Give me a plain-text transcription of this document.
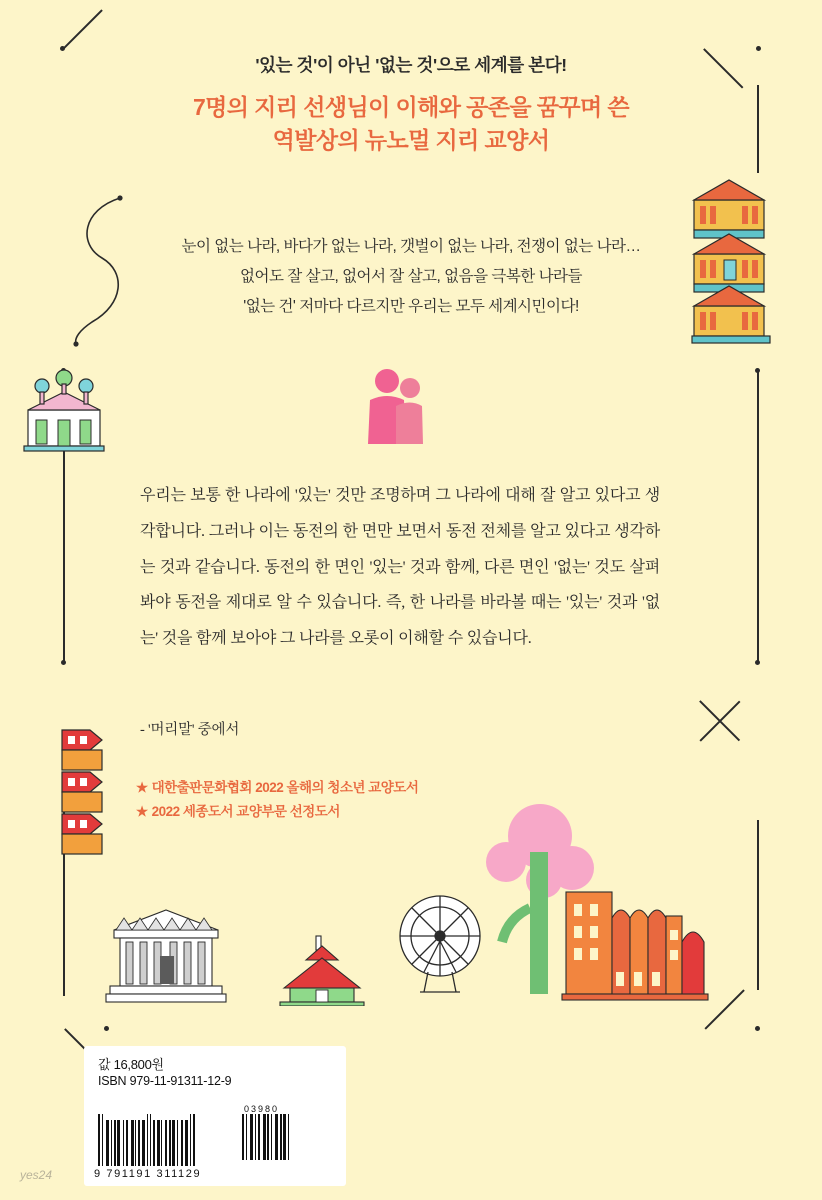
'있는 것'이 아닌 '없는 것'으로 세계를 본다!
7명의 지리 선생님이 이해와 공존을 꿈꾸며 쓴
역발상의 뉴노멀 지리 교양서
눈이 없는 나라, 바다가 없는 나라, 갯벌이 없는 나라, 전쟁이 없는 나라…
없어도 잘 살고, 없어서 잘 살고, 없음을 극복한 나라들
'없는 건' 저마다 다르지만 우리는 모두 세계시민이다!
우리는 보통 한 나라에 '있는' 것만 조명하며 그 나라에 대해 잘 알고 있다고 생각합니다. 그러나 이는 동전의 한 면만 보면서 동전 전체를 알고 있다고 생각하는 것과 같습니다. 동전의 한 면인 '있는' 것과 함께, 다른 면인 '없는' 것도 살펴봐야 동전을 제대로 알 수 있습니다. 즉, 한 나라를 바라볼 때는 '있는' 것과 '없는' 것을 함께 보아야 그 나라를 오롯이 이해할 수 있습니다.
- '머리말' 중에서
★ 대한출판문화협회 2022 올해의 청소년 교양도서
★ 2022 세종도서 교양부문 선정도서
값 16,800원
ISBN 979-11-91311-12-9
03980
9 791191 311129
yes24
